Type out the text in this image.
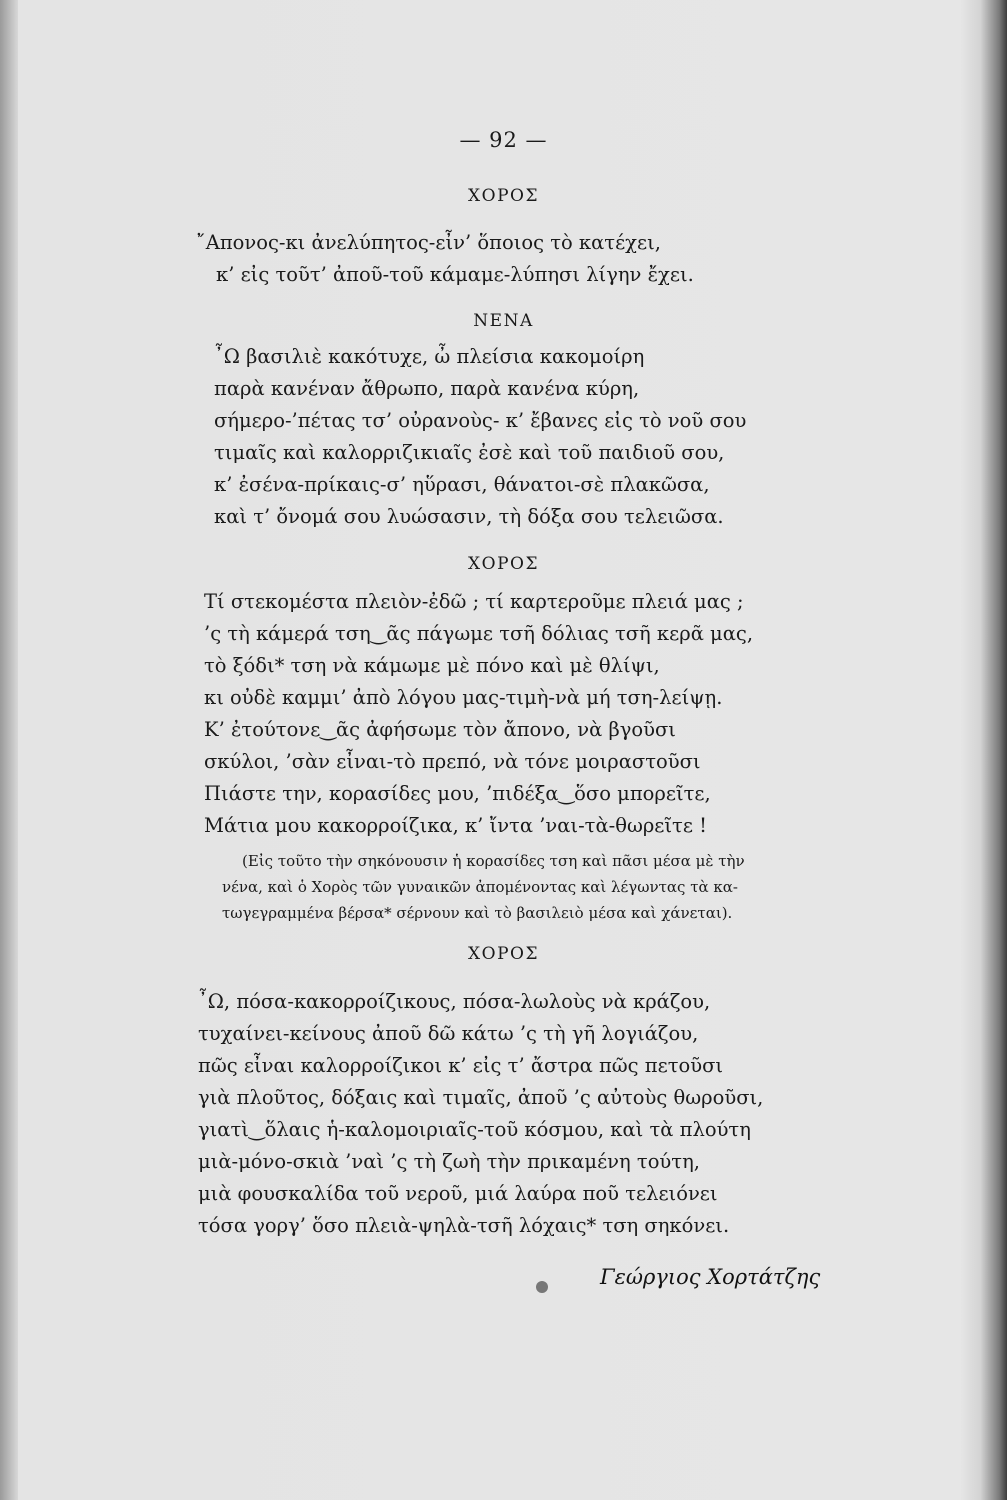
— 92 —
ΧΟΡΟΣ
῎Απονος-κι ἀνελύπητος-εἶν’ ὅποιος τὸ κατέχει,
κ’ εἰς τοῦτ’ ἀποῦ-τοῦ κάμαμε-λύπησι λίγην ἔχει.
ΝΕΝΑ
῏Ω βασιλιὲ κακότυχε, ὦ πλείσια κακομοίρη
παρὰ κανέναν ἄθρωπο, παρὰ κανένα κύρη,
σήμερο-’πέτας τσ’ οὐρανοὺς- κ’ ἔβανες εἰς τὸ νοῦ σου
τιμαῖς καὶ καλορριζικιαῖς ἐσὲ καὶ τοῦ παιδιοῦ σου,
κ’ ἐσένα-πρίκαις-σ’ ηὕρασι, θάνατοι-σὲ πλακῶσα,
καὶ τ’ ὄνομά σου λυώσασιν, τὴ δόξα σου τελειῶσα.
ΧΟΡΟΣ
Τί στεκομέστα πλειὸν-ἐδῶ ; τί καρτεροῦμε πλειά μας ;
’ς τὴ κάμερά τση‿ᾶς πάγωμε τσῆ δόλιας τσῆ κερᾶ μας,
τὸ ξόδι* τση νὰ κάμωμε μὲ πόνο καὶ μὲ θλίψι,
κι οὐδὲ καμμι’ ἀπὸ λόγου μας-τιμὴ-νὰ μή τση-λείψῃ.
Κ’ ἐτούτονε‿ᾶς ἀφήσωμε τὸν ἄπονο, νὰ βγοῦσι
σκύλοι, ’σὰν εἶναι-τὸ πρεπό, νὰ τόνε μοιραστοῦσι
Πιάστε την, κορασίδες μου, ’πιδέξα‿ὅσο μπορεῖτε,
Μάτια μου κακορροίζικα, κ’ ἴντα ’ναι-τὰ-θωρεῖτε !

(Εἰς τοῦτο τὴν σηκόνουσιν ἡ κορασίδες τση καὶ πᾶσι μέσα μὲ τὴν
νένα, καὶ ὁ Χορὸς τῶν γυναικῶν ἀπομένοντας καὶ λέγωντας τὰ κα-
τωγεγραμμένα βέρσα* σέρνουν καὶ τὸ βασιλειὸ μέσα καὶ χάνεται).

ΧΟΡΟΣ
῏Ω, πόσα-κακορροίζικους, πόσα-λωλοὺς νὰ κράζου,
τυχαίνει-κείνους ἀποῦ δῶ κάτω ’ς τὴ γῆ λογιάζου,
πῶς εἶναι καλορροίζικοι κ’ εἰς τ’ ἄστρα πῶς πετοῦσι
γιὰ πλοῦτος, δόξαις καὶ τιμαῖς, ἀποῦ ’ς αὐτοὺς θωροῦσι,
γιατὶ‿ὅλαις ἡ-καλομοιριαῖς-τοῦ κόσμου, καὶ τὰ πλούτη
μιὰ-μόνο-σκιὰ ’ναὶ ’ς τὴ ζωὴ τὴν πρικαμένη τούτη,
μιὰ φουσκαλίδα τοῦ νεροῦ, μιά λαύρα ποῦ τελειόνει
τόσα γοργ’ ὅσο πλειὰ-ψηλὰ-τσῆ λόχαις* τση σηκόνει.
Γεώργιος Χορτάτζης
